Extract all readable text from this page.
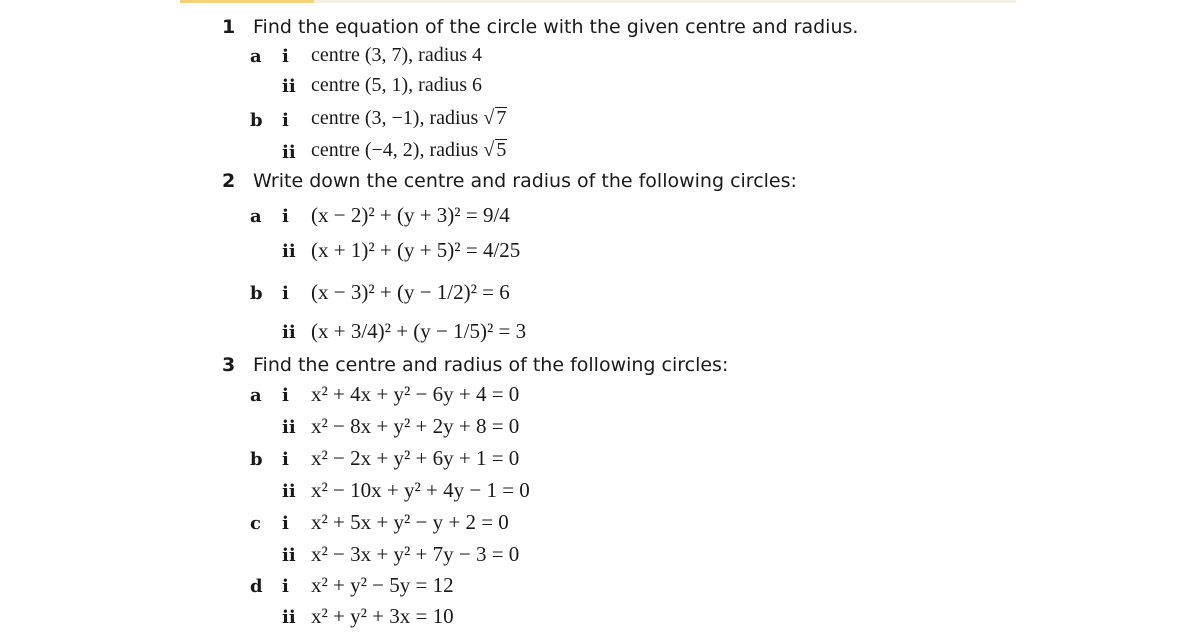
1 Find the equation of the circle with the given centre and radius.
a i centre (3, 7), radius 4
ii centre (5, 1), radius 6
b i centre (3, −1), radius √ 7
ii centre (−4, 2), radius √ 5
2 Write down the centre and radius of the following circles:
a i (x − 2)² + (y + 3)² = 9/4
ii (x + 1)² + (y + 5)² = 4/25
b i (x − 3)² + (y − 1/2)² = 6
ii (x + 3/4)² + (y − 1/5)² = 3
3 Find the centre and radius of the following circles:
a i x² + 4x + y² − 6y + 4 = 0
ii x² − 8x + y² + 2y + 8 = 0
b i x² − 2x + y² + 6y + 1 = 0
ii x² − 10x + y² + 4y − 1 = 0
c i x² + 5x + y² − y + 2 = 0
ii x² − 3x + y² + 7y − 3 = 0
d i x² + y² − 5y = 12
ii x² + y² + 3x = 10
